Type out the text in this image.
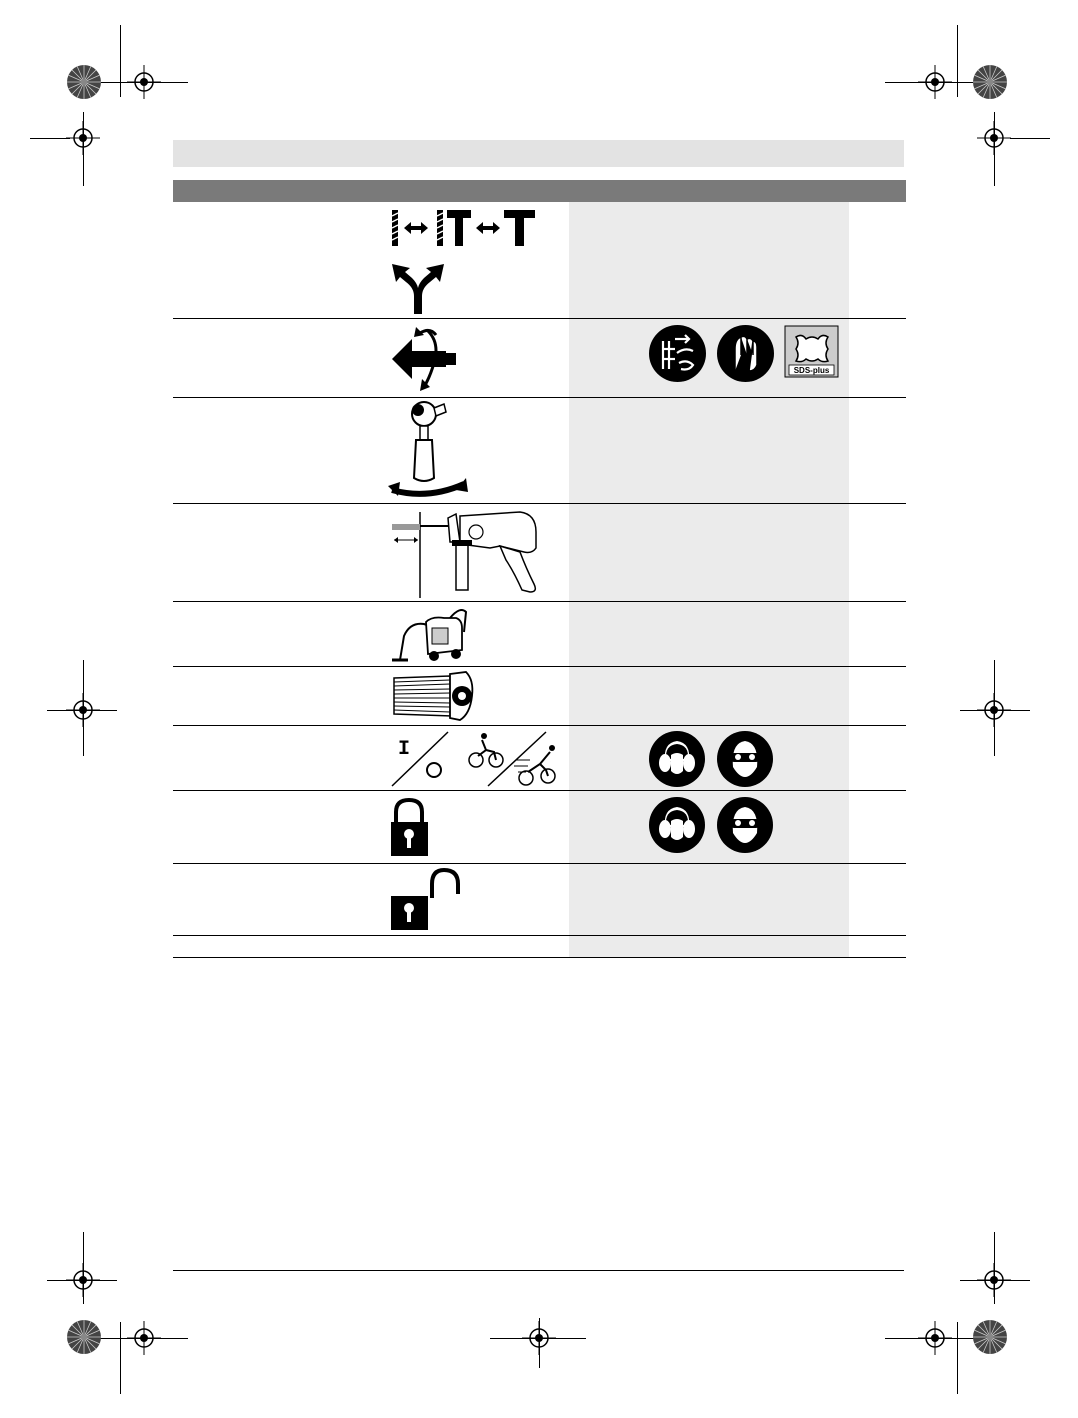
SDS-plus
I
